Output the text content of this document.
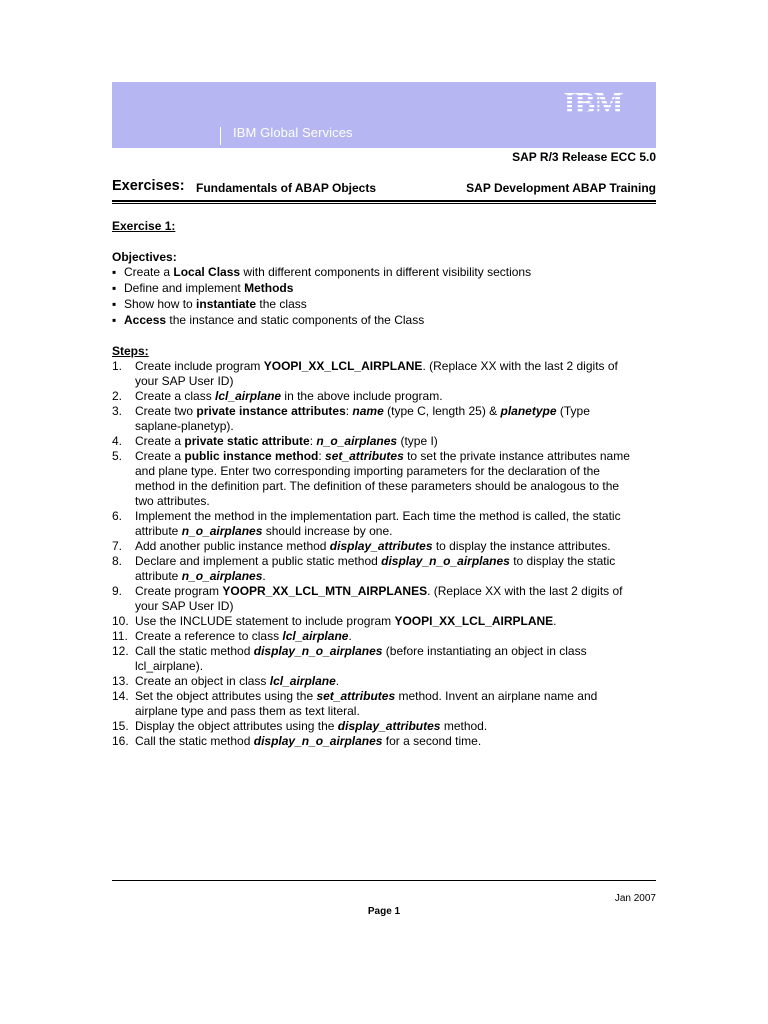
IBM
IBM Global Services
SAP R/3 Release ECC 5.0
Exercises: Fundamentals of ABAP Objects	SAP Development ABAP Training
Exercise 1:
Objectives:
▪ Create a Local Class with different components in different visibility sections
▪ Define and implement Methods
▪ Show how to instantiate the class
▪ Access the instance and static components of the Class
Steps:
1. Create include program YOOPI_XX_LCL_AIRPLANE. (Replace XX with the last 2 digits of
your SAP User ID)
2. Create a class lcl_airplane in the above include program.
3. Create two private instance attributes: name (type C, length 25) & planetype (Type
saplane-planetyp).
4. Create a private static attribute: n_o_airplanes (type I)
5. Create a public instance method: set_attributes to set the private instance attributes name
and plane type. Enter two corresponding importing parameters for the declaration of the
method in the definition part. The definition of these parameters should be analogous to the
two attributes.
6. Implement the method in the implementation part. Each time the method is called, the static
attribute n_o_airplanes should increase by one.
7. Add another public instance method display_attributes to display the instance attributes.
8. Declare and implement a public static method display_n_o_airplanes to display the static
attribute n_o_airplanes.
9. Create program YOOPR_XX_LCL_MTN_AIRPLANES. (Replace XX with the last 2 digits of
your SAP User ID)
10. Use the INCLUDE statement to include program YOOPI_XX_LCL_AIRPLANE.
11. Create a reference to class lcl_airplane.
12. Call the static method display_n_o_airplanes (before instantiating an object in class
lcl_airplane).
13. Create an object in class lcl_airplane.
14. Set the object attributes using the set_attributes method. Invent an airplane name and
airplane type and pass them as text literal.
15. Display the object attributes using the display_attributes method.
16. Call the static method display_n_o_airplanes for a second time.
Jan 2007
Page 1
